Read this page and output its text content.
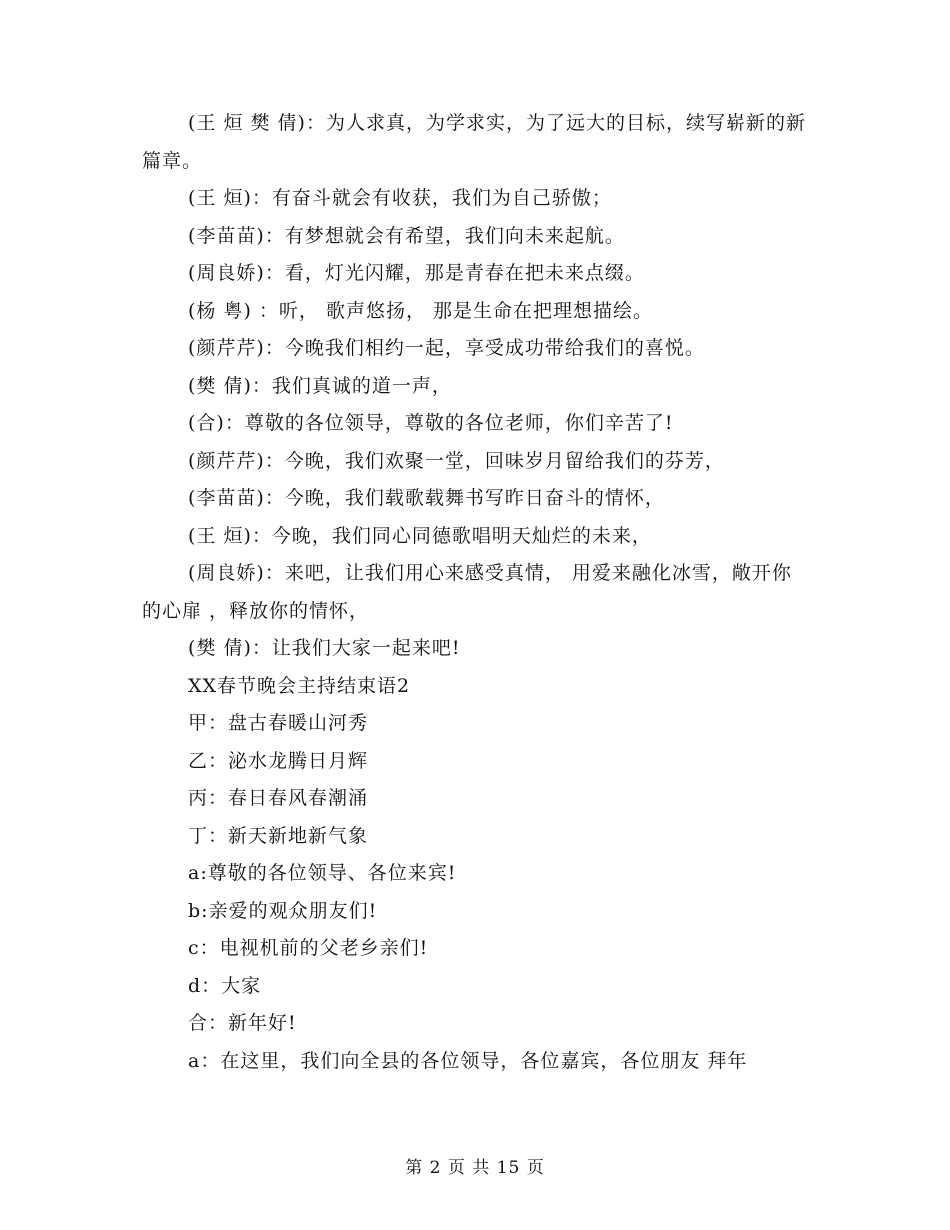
(王 烜 樊 倩)：为人求真，为学求实，为了远大的目标，续写崭新的新篇章。

(王 烜)：有奋斗就会有收获，我们为自己骄傲；

(李苗苗)：有梦想就会有希望，我们向未来起航。

(周良娇)：看，灯光闪耀，那是青春在把未来点缀。

(杨 粤) ：听， 歌声悠扬， 那是生命在把理想描绘。

(颜芹芹)：今晚我们相约一起，享受成功带给我们的喜悦。

(樊 倩)：我们真诚的道一声，

(合)：尊敬的各位领导，尊敬的各位老师，你们辛苦了!

(颜芹芹)：今晚，我们欢聚一堂，回味岁月留给我们的芬芳，

(李苗苗)：今晚，我们载歌载舞书写昨日奋斗的情怀，

(王 烜)：今晚，我们同心同德歌唱明天灿烂的未来，

(周良娇)：来吧，让我们用心来感受真情， 用爱来融化冰雪，敞开你的心扉 ，释放你的情怀，

(樊 倩)：让我们大家一起来吧!

XX春节晚会主持结束语2

甲：盘古春暖山河秀

乙：泌水龙腾日月辉

丙：春日春风春潮涌

丁：新天新地新气象

a:尊敬的各位领导、各位来宾!

b:亲爱的观众朋友们!

c：电视机前的父老乡亲们!

d：大家

合：新年好!

a：在这里，我们向全县的各位领导，各位嘉宾，各位朋友 拜年

第 2 页 共 15 页
